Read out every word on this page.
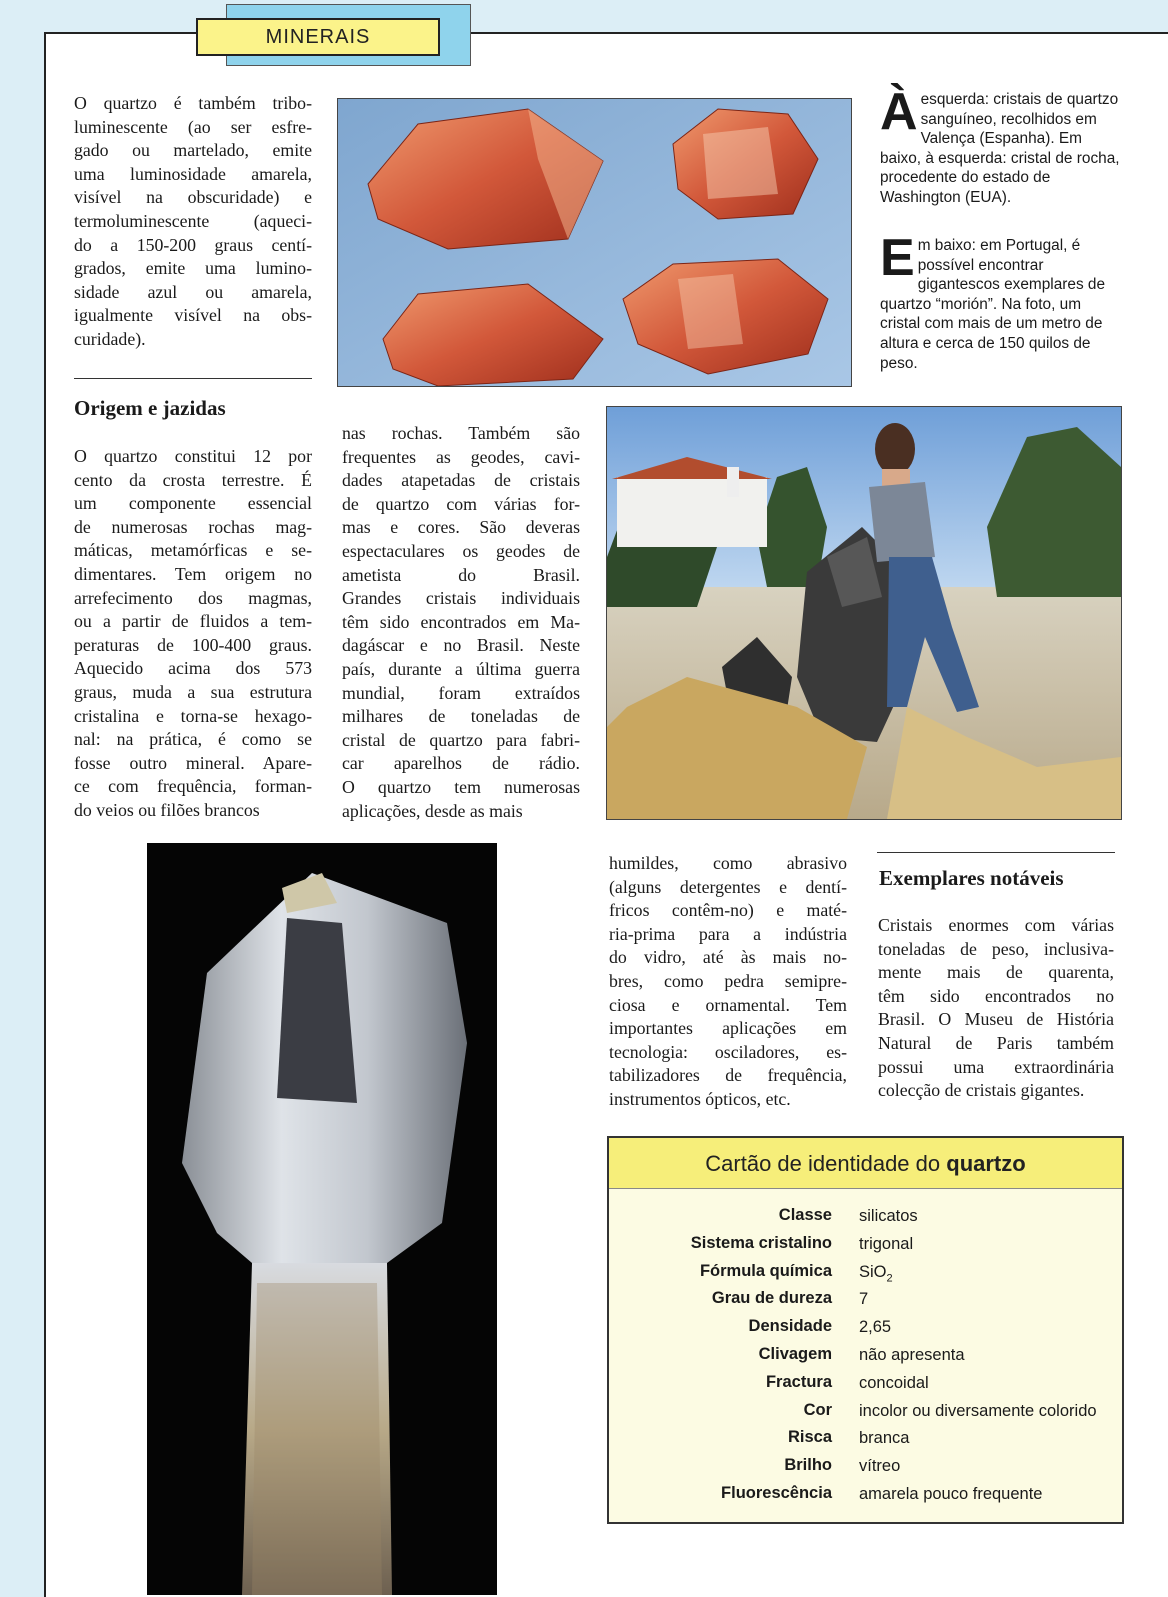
MINERAIS
O quartzo é também tribo-
luminescente (ao ser esfre-
gado ou martelado, emite
uma luminosidade amarela,
visível na obscuridade) e
termoluminescente (aqueci-
do a 150-200 graus centí-
grados, emite uma lumino-
sidade azul ou amarela,
igualmente visível na obs-
curidade).
Àesquerda: cristais de quartzo sanguíneo, recolhidos em Valença (Espanha). Em baixo, à esquerda: cristal de rocha, procedente do estado de Washington (EUA).
Em baixo: em Portugal, é possível encontrar gigantescos exemplares de quartzo “morión”. Na foto, um cristal com mais de um metro de altura e cerca de 150 quilos de peso.
Origem e jazidas
O quartzo constitui 12 por
cento da crosta terrestre. É
um componente essencial
de numerosas rochas mag-
máticas, metamórficas e se-
dimentares. Tem origem no
arrefecimento dos magmas,
ou a partir de fluidos a tem-
peraturas de 100-400 graus.
Aquecido acima dos 573
graus, muda a sua estrutura
cristalina e torna-se hexago-
nal: na prática, é como se
fosse outro mineral. Apare-
ce com frequência, forman-
do veios ou filões brancos
nas rochas. Também são
frequentes as geodes, cavi-
dades atapetadas de cristais
de quartzo com várias for-
mas e cores. São deveras
espectaculares os geodes de
ametista do Brasil.
Grandes cristais individuais
têm sido encontrados em Ma-
dagáscar e no Brasil. Neste
país, durante a última guerra
mundial, foram extraídos
milhares de toneladas de
cristal de quartzo para fabri-
car aparelhos de rádio.
O quartzo tem numerosas
aplicações, desde as mais
humildes, como abrasivo
(alguns detergentes e dentí-
fricos contêm-no) e maté-
ria-prima para a indústria
do vidro, até às mais no-
bres, como pedra semipre-
ciosa e ornamental. Tem
importantes aplicações em
tecnologia: osciladores, es-
tabilizadores de frequência,
instrumentos ópticos, etc.
Exemplares notáveis
Cristais enormes com várias
toneladas de peso, inclusiva-
mente mais de quarenta,
têm sido encontrados no
Brasil. O Museu de História
Natural de Paris também
possui uma extraordinária
colecção de cristais gigantes.
Cartão de identidade do quartzo
Classe silicatos
Sistema cristalino trigonal
Fórmula química SiO$_2$
Grau de dureza 7
Densidade 2,65
Clivagem não apresenta
Fractura concoidal
Cor incolor ou diversamente colorido
Risca branca
Brilho vítreo
Fluorescência amarela pouco frequente
